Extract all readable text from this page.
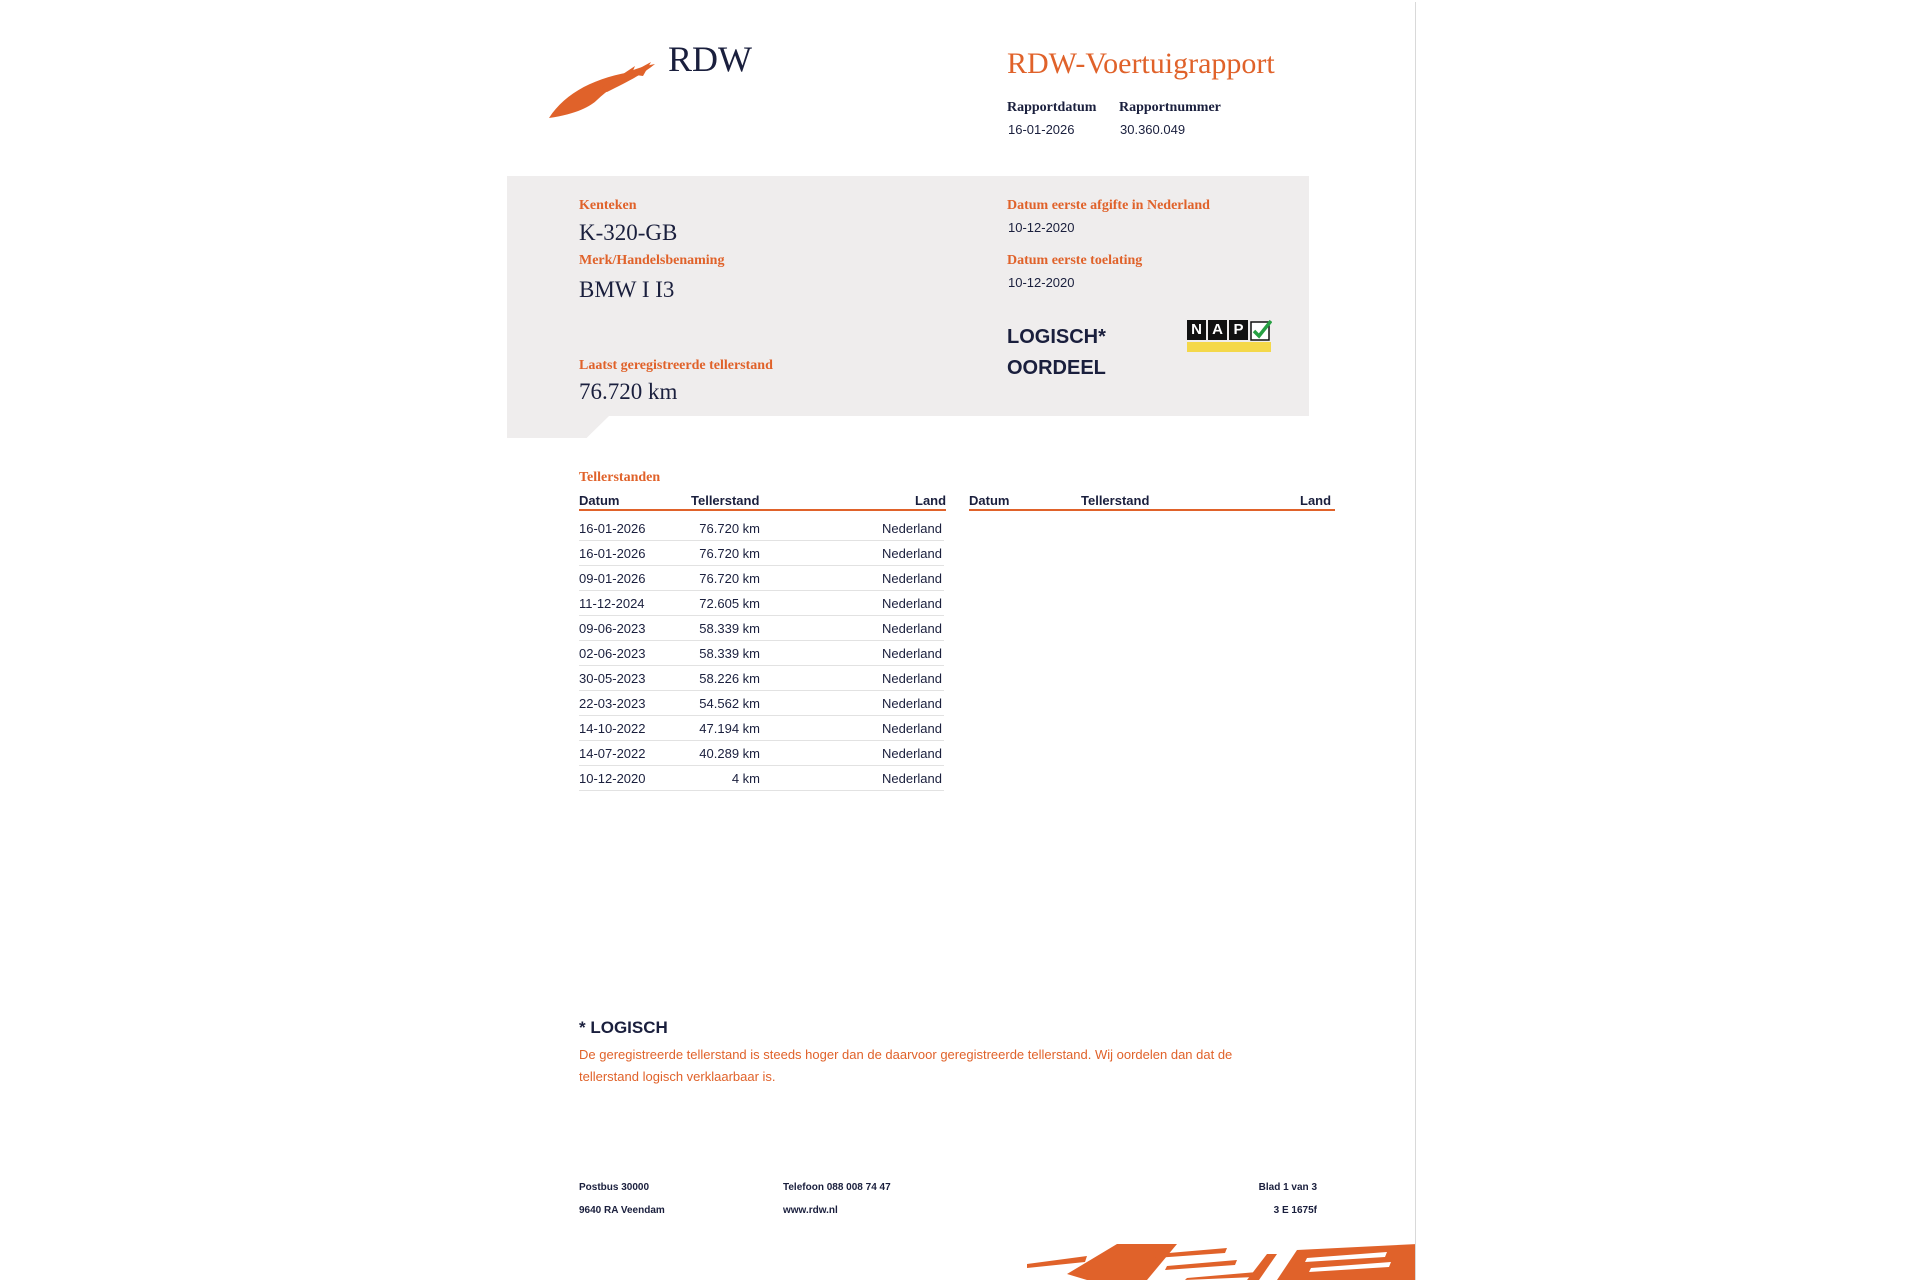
RDW	RDW-Voertuigrapport
Rapportdatum
16-01-2026
Rapportnummer
30.360.049
Kenteken
K-320-GB
Merk/Handelsbenaming
BMW I I3
Laatst geregistreerde tellerstand
76.720 km
Datum eerste afgifte in Nederland
10-12-2020
Datum eerste toelating
10-12-2020
LOGISCH*
OORDEEL
N A P
Tellerstanden
Datum	Tellerstand	Land Datum	Tellerstand	Land
16-01-2026	76.720 km	Nederland
16-01-2026	76.720 km	Nederland
09-01-2026	76.720 km	Nederland
11-12-2024	72.605 km	Nederland
09-06-2023	58.339 km	Nederland
02-06-2023	58.339 km	Nederland
30-05-2023	58.226 km	Nederland
22-03-2023	54.562 km	Nederland
14-10-2022	47.194 km	Nederland
14-07-2022	40.289 km	Nederland
10-12-2020	4 km	Nederland
* LOGISCH
De geregistreerde tellerstand is steeds hoger dan de daarvoor geregistreerde tellerstand. Wij oordelen dan dat de tellerstand logisch verklaarbaar is.
Postbus 30000
9640 RA Veendam
Telefoon 088 008 74 47
www.rdw.nl
Blad 1 van 3
3 E 1675f
